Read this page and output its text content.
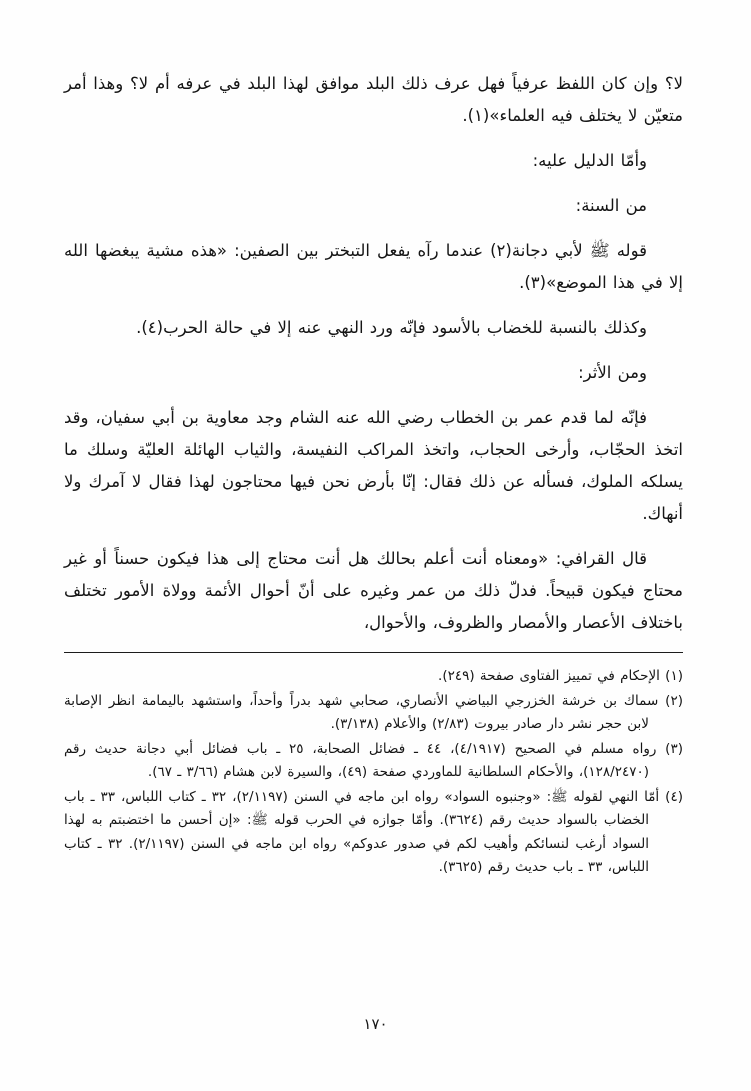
لا؟ وإن كان اللفظ عرفياً فهل عرف ذلك البلد موافق لهذا البلد في عرفه أم لا؟ وهذا أمر متعيّن لا يختلف فيه العلماء»(١).

وأمّا الدليل عليه:

من السنة:

قوله ﷺ لأبي دجانة(٢) عندما رآه يفعل التبختر بين الصفين: «هذه مشية يبغضها الله إلا في هذا الموضع»(٣).

وكذلك بالنسبة للخضاب بالأسود فإنّه ورد النهي عنه إلا في حالة الحرب(٤).

ومن الأثر:

فإنّه لما قدم عمر بن الخطاب رضي الله عنه الشام وجد معاوية بن أبي سفيان، وقد اتخذ الحجّاب، وأرخى الحجاب، واتخذ المراكب النفيسة، والثياب الهائلة العليّة وسلك ما يسلكه الملوك، فسأله عن ذلك فقال: إنّا بأرض نحن فيها محتاجون لهذا فقال لا آمرك ولا أنهاك.

قال القرافي: «ومعناه أنت أعلم بحالك هل أنت محتاج إلى هذا فيكون حسناً أو غير محتاج فيكون قبيحاً. فدلّ ذلك من عمر وغيره على أنّ أحوال الأئمة وولاة الأمور تختلف باختلاف الأعصار والأمصار والظروف، والأحوال،

(١) الإحكام في تمييز الفتاوى صفحة (٢٤٩).

(٢) سماك بن خرشة الخزرجي البياضي الأنصاري، صحابي شهد بدراً وأحداً، واستشهد باليمامة انظر الإصابة لابن حجر نشر دار صادر بيروت (٢/٨٣) والأعلام (٣/١٣٨).

(٣) رواه مسلم في الصحيح (٤/١٩١٧)، ٤٤ ـ فضائل الصحابة، ٢٥ ـ باب فضائل أبي دجانة حديث رقم (١٢٨/٢٤٧٠)، والأحكام السلطانية للماوردي صفحة (٤٩)، والسيرة لابن هشام (٣/٦٦ ـ ٦٧).

(٤) أمّا النهي لقوله ﷺ: «وجنبوه السواد» رواه ابن ماجه في السنن (٢/١١٩٧)، ٣٢ ـ كتاب اللباس، ٣٣ ـ باب الخضاب بالسواد حديث رقم (٣٦٢٤). وأمّا جوازه في الحرب قوله ﷺ: «إن أحسن ما اختضبتم به لهذا السواد أرغب لنسائكم وأهيب لكم في صدور عدوكم» رواه ابن ماجه في السنن (٢/١١٩٧). ٣٢ ـ كتاب اللباس، ٣٣ ـ باب حديث رقم (٣٦٢٥).

١٧٠
